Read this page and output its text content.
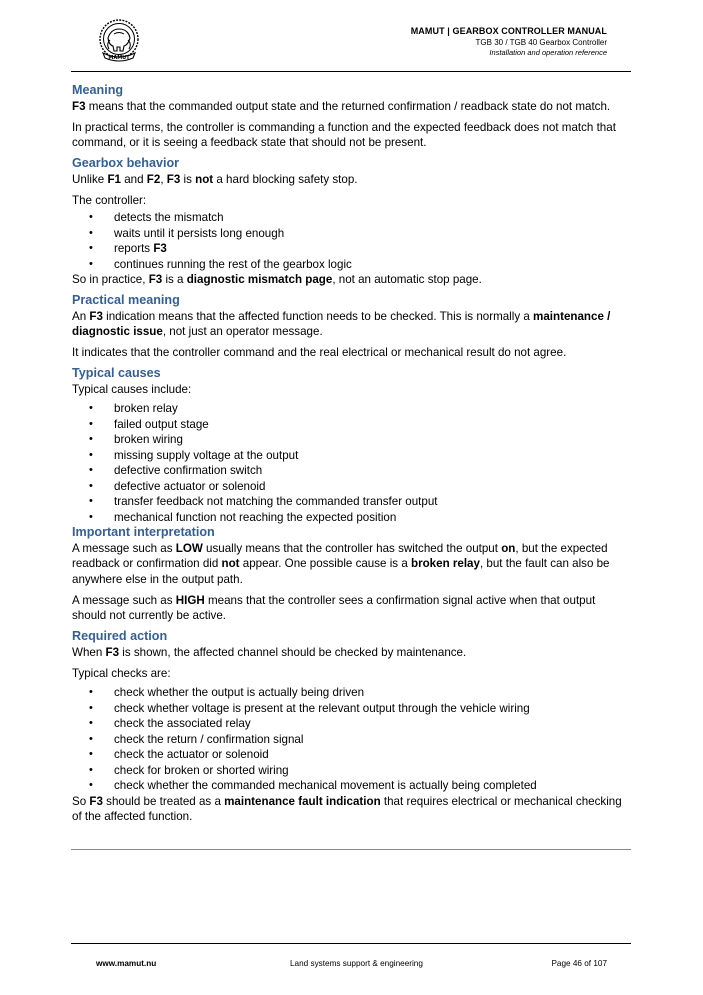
MAMUT
MAMUT | GEARBOX CONTROLLER MANUAL
TGB 30 / TGB 40 Gearbox Controller
Installation and operation reference
Meaning

F3 means that the commanded output state and the returned confirmation / readback state do not match.

In practical terms, the controller is commanding a function and the expected feedback does not match that command, or it is seeing a feedback state that should not be present.

Gearbox behavior

Unlike F1 and F2, F3 is not a hard blocking safety stop.

The controller:

• detects the mismatch
• waits until it persists long enough
• reports F3
• continues running the rest of the gearbox logic

So in practice, F3 is a diagnostic mismatch page, not an automatic stop page.

Practical meaning

An F3 indication means that the affected function needs to be checked. This is normally a maintenance / diagnostic issue, not just an operator message.

It indicates that the controller command and the real electrical or mechanical result do not agree.

Typical causes

Typical causes include:

• broken relay
• failed output stage
• broken wiring
• missing supply voltage at the output
• defective confirmation switch
• defective actuator or solenoid
• transfer feedback not matching the commanded transfer output
• mechanical function not reaching the expected position
Important interpretation

A message such as LOW usually means that the controller has switched the output on, but the expected readback or confirmation did not appear. One possible cause is a broken relay, but the fault can also be anywhere else in the output path.

A message such as HIGH means that the controller sees a confirmation signal active when that output should not currently be active.

Required action

When F3 is shown, the affected channel should be checked by maintenance.

Typical checks are:

• check whether the output is actually being driven
• check whether voltage is present at the relevant output through the vehicle wiring
• check the associated relay
• check the return / confirmation signal
• check the actuator or solenoid
• check for broken or shorted wiring
• check whether the commanded mechanical movement is actually being completed

So F3 should be treated as a maintenance fault indication that requires electrical or mechanical checking of the affected function.

www.mamut.nu	Land systems support & engineering	Page 46 of 107
